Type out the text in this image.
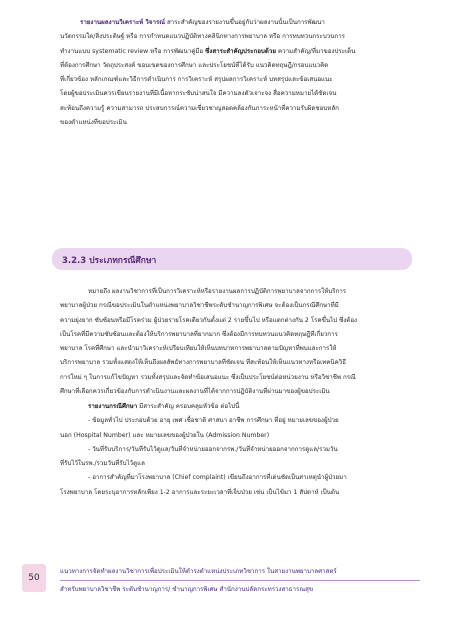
รายงานผลงานวิเคราะห์ วิจารณ์ สาระสำคัญของรายงานขึ้นอยู่กับว่าผลงานนั้นเป็นการพัฒนา
นวัตกรรมใด/สิ่งประดิษฐ์ หรือ การกำหนดแนวปฏิบัติทางคลินิกทางการพยาบาล หรือ การทบทวนกระบวนการ
ทำงานแบบ systematic review หรือ การพัฒนาคู่มือ ซึ่งสาระสำคัญประกอบด้วย ความสำคัญ/ที่มาของประเด็น
ที่ต้องการศึกษา วัตถุประสงค์ ขอบเขตของการศึกษา และประโยชน์ที่ได้รับ แนวคิดทฤษฎี/กรอบแนวคิด
ที่เกี่ยวข้อง หลักเกณฑ์และวิธีการดำเนินการ การวิเคราะห์ สรุปผลการวิเคราะห์ บทสรุปและข้อเสนอแนะ
โดยผู้ขอประเมินควรเขียนรายงานที่มีเนื้อหากระชับน่าสนใจ มีความลงตัวเจาะจง สื่อความหมายได้ชัดเจน
สะท้อนถึงความรู้ ความสามารถ ประสบการณ์ความเชี่ยวชาญสอดคล้องกับภาระหน้าที่ความรับผิดชอบหลัก
ของตำแหน่งที่ขอประเมิน
3.2.3 ประเภทกรณีศึกษา
หมายถึง ผลงานวิชาการที่เป็นการวิเคราะห์หรือรายงานผลการปฏิบัติการพยาบาลจากการให้บริการ
พยาบาลผู้ป่วย กรณีขอประเมินในตำแหน่งพยาบาลวิชาชีพระดับชำนาญการพิเศษ จะต้องเป็นกรณีศึกษาที่มี
ความยุ่งยาก ซับซ้อนหรือมีโรคร่วม ผู้ป่วยรายโรคเดียวกันตั้งแต่ 2 รายขึ้นไป หรือแตกต่างกัน 2 โรคขึ้นไป ซึ่งต้อง
เป็นโรคที่มีความซับซ้อนและต้องให้บริการพยาบาลที่ยากมาก ซึ่งต้องมีการทบทวนแนวคิดทฤษฎีที่เกี่ยวการ
พยาบาล โรคที่ศึกษา และนำมาวิเคราะห์เปรียบเทียบให้เห็นบทบาทการพยาบาลตามปัญหาที่พบและการให้
บริการพยาบาล รวมทั้งแสดงให้เห็นถึงผลลัพธ์ทางการพยาบาลที่ชัดเจน ที่สะท้อนให้เห็นแนวทางหรือเทคนิควิธี
การใหม่ ๆ ในการแก้ไขปัญหา รวมทั้งสรุปและจัดทำข้อเสนอแนะ ซึ่งเป็นประโยชน์ต่อหน่วยงาน หรือวิชาชีพ กรณี
ศึกษาที่เลือกควรเกี่ยวข้องกับการดำเนินงานและผลงานที่ได้จากการปฏิบัติงานที่ผ่านมาของผู้ขอประเมิน
รายงานกรณีศึกษา มีสาระสำคัญ ครอบคลุมหัวข้อ ต่อไปนี้
- ข้อมูลทั่วไป ประกอบด้วย อายุ เพศ เชื้อชาติ ศาสนา อาชีพ การศึกษา ที่อยู่ หมายเลขของผู้ป่วย
นอก (Hospital Number) และ หมายเลขของผู้ป่วยใน (Admission Number)
- วันที่รับบริการ/วันที่รับไว้ดูแล/วันที่จำหน่ายออกจากรพ./วันที่จำหน่ายออกจากการดูแล/รวมวัน
ที่รับไว้ในรพ./รวมวันที่รับไว้ดูแล
- อาการสำคัญที่มาโรงพยาบาล (Chief complaint) เขียนถึงอาการที่เด่นชัดเป็นสาเหตุนำผู้ป่วยมา
โรงพยาบาล โดยระบุอาการหลักเพียง 1-2 อาการและระยะเวลาที่เจ็บป่วย เช่น เป็นไข้มา 1 สัปดาห์ เป็นต้น
50
แนวทางการจัดทำผลงานวิชาการเพื่อประเมินให้ดำรงตำแหน่งประเภทวิชาการ ในสายงานพยาบาลศาสตร์
สำหรับพยาบาลวิชาชีพ ระดับชำนาญการ/ ชำนาญการพิเศษ สำนักงานปลัดกระทรวงสาธารณสุข
